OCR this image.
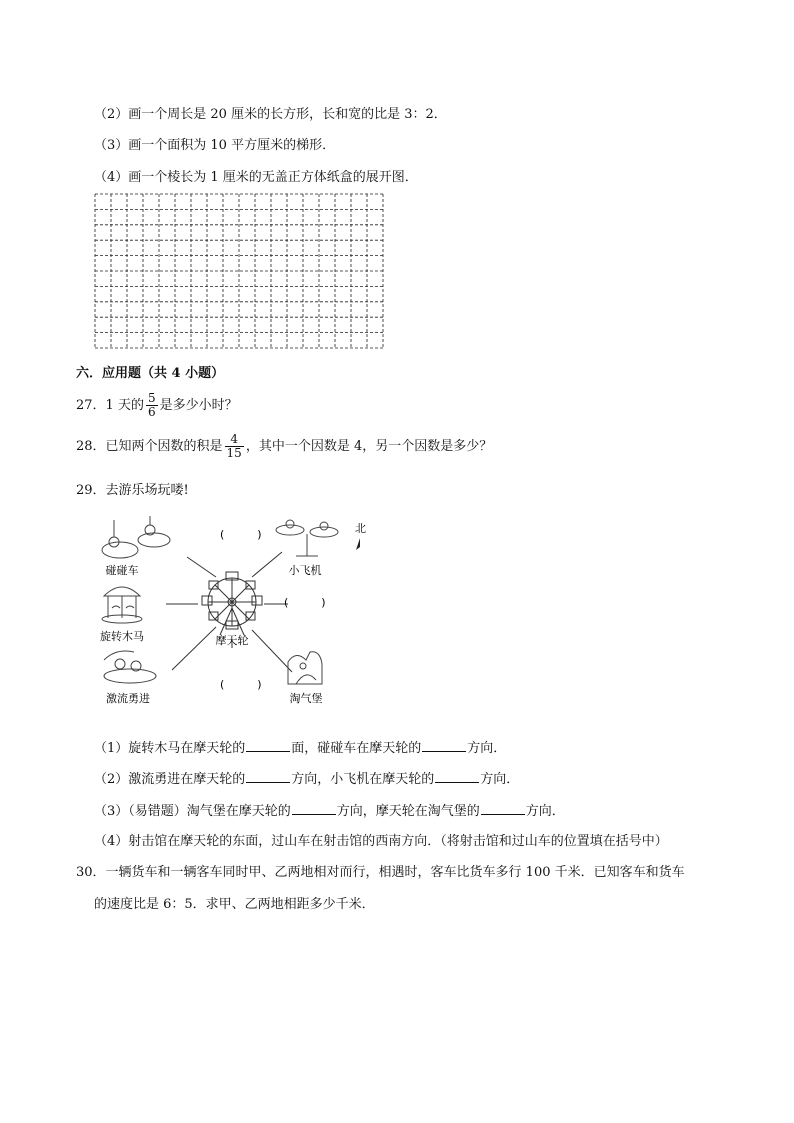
（2）画一个周长是 20 厘米的长方形，长和宽的比是 3：2．
（3）画一个面积为 10 平方厘米的梯形．
（4）画一个棱长为 1 厘米的无盖正方体纸盒的展开图．
六．应用题（共 4 小题）
27．1 天的 $\frac{5}{6}$ 是多少小时？
28．已知两个因数的积是 $\frac{4}{15}$ ，其中一个因数是 4，另一个因数是多少？
29．去游乐场玩喽!
摩天轮
碰碰车	小飞机
北
旋转木马
激流勇进	淘气堡
(　　　)
(　　　)
(　　　)
（1）旋转木马在摩天轮的	面，碰碰车在摩天轮的	方向．
（2）激流勇进在摩天轮的	方向，小飞机在摩天轮的	方向．
（3）（易错题）淘气堡在摩天轮的	方向，摩天轮在淘气堡的	方向．
（4）射击馆在摩天轮的东面，过山车在射击馆的西南方向．（将射击馆和过山车的位置填在括号中）
30．一辆货车和一辆客车同时甲、乙两地相对而行，相遇时，客车比货车多行 100 千米．已知客车和货车
的速度比是 6：5．求甲、乙两地相距多少千米．
